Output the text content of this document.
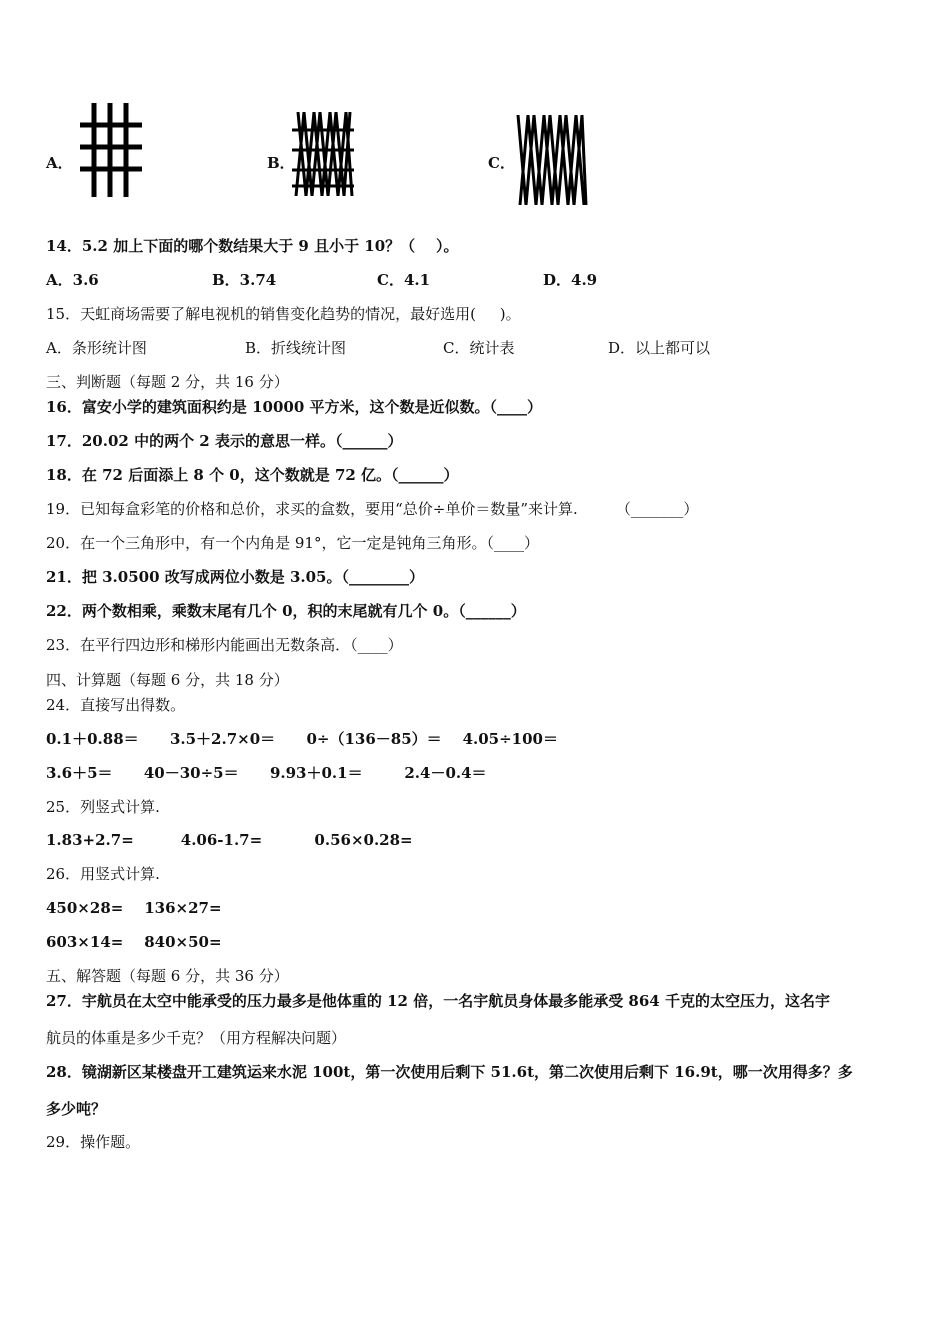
A．	B．	C．
14．5.2 加上下面的哪个数结果大于 9 且小于 10？（    ）。
A．3.6	B．3.74	C．4.1	D．4.9
15．天虹商场需要了解电视机的销售变化趋势的情况，最好选用(     )。
A．条形统计图	B．折线统计图	C．统计表	D．以上都可以
三、判断题（每题 2 分，共 16 分）
16．富安小学的建筑面积约是 10000 平方米，这个数是近似数。（____）
17．20.02 中的两个 2 表示的意思一样。（______）
18．在 72 后面添上 8 个 0，这个数就是 72 亿。（______）
19．已知每盒彩笔的价格和总价，求买的盒数，要用“总价÷单价＝数量”来计算.        （_______）
20．在一个三角形中，有一个内角是 91°，它一定是钝角三角形。（____）
21．把 3.0500 改写成两位小数是 3.05。（________）
22．两个数相乘，乘数末尾有几个 0，积的末尾就有几个 0。（______）
23．在平行四边形和梯形内能画出无数条高．（____）
四、计算题（每题 6 分，共 18 分）
24．直接写出得数。
0.1＋0.88＝      3.5＋2.7×0＝      0÷（136－85）＝    4.05÷100＝
3.6＋5＝      40－30÷5＝      9.93＋0.1＝        2.4－0.4＝
25．列竖式计算.
1.83+2.7=         4.06-1.7=          0.56×0.28=
26．用竖式计算.
450×28=    136×27=
603×14=    840×50=
五、解答题（每题 6 分，共 36 分）
27．宇航员在太空中能承受的压力最多是他体重的 12 倍，一名宇航员身体最多能承受 864 千克的太空压力，这名宇
航员的体重是多少千克？（用方程解决问题）
28．镜湖新区某楼盘开工建筑运来水泥 100t，第一次使用后剩下 51.6t，第二次使用后剩下 16.9t，哪一次用得多？多
多少吨？
29．操作题。
